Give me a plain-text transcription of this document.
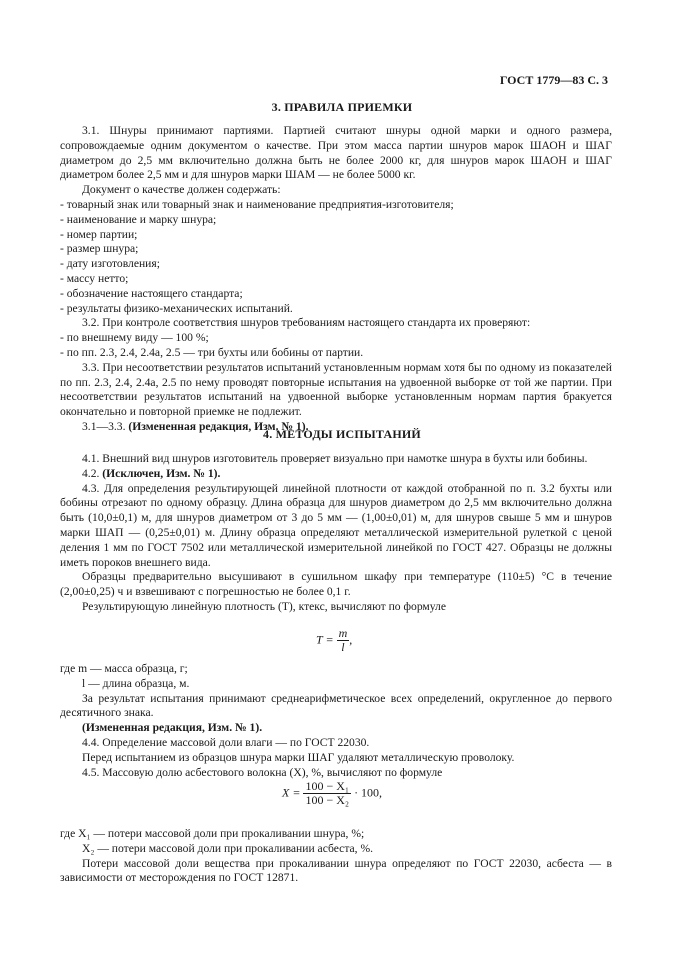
ГОСТ 1779—83 С. 3
3. ПРАВИЛА ПРИЕМКИ

3.1. Шнуры принимают партиями. Партией считают шнуры одной марки и одного размера, сопровождаемые одним документом о качестве. При этом масса партии шнуров марок ШАОН и ШАГ диаметром до 2,5 мм включительно должна быть не более 2000 кг, для шнуров марок ШАОН и ШАГ диаметром более 2,5 мм и для шнуров марки ШАМ — не более 5000 кг.

Документ о качестве должен содержать:

- товарный знак или товарный знак и наименование предприятия-изготовителя;

- наименование и марку шнура;

- номер партии;

- размер шнура;

- дату изготовления;

- массу нетто;

- обозначение настоящего стандарта;

- результаты физико-механических испытаний.

3.2. При контроле соответствия шнуров требованиям настоящего стандарта их проверяют:

- по внешнему виду — 100 %;

- по пп. 2.3, 2.4, 2.4а, 2.5 — три бухты или бобины от партии.

3.3. При несоответствии результатов испытаний установленным нормам хотя бы по одному из показателей по пп. 2.3, 2.4, 2.4а, 2.5 по нему проводят повторные испытания на удвоенной выборке от той же партии. При несоответствии результатов испытаний на удвоенной выборке установленным нормам партия бракуется окончательно и повторной приемке не подлежит.

3.1—3.3. (Измененная редакция, Изм. № 1).

4. МЕТОДЫ ИСПЫТАНИЙ

4.1. Внешний вид шнуров изготовитель проверяет визуально при намотке шнура в бухты или бобины.

4.2. (Исключен, Изм. № 1).

4.3. Для определения результирующей линейной плотности от каждой отобранной по п. 3.2 бухты или бобины отрезают по одному образцу. Длина образца для шнуров диаметром до 2,5 мм включительно должна быть (10,0±0,1) м, для шнуров диаметром от 3 до 5 мм — (1,00±0,01) м, для шнуров свыше 5 мм и шнуров марки ШАП — (0,25±0,01) м. Длину образца определяют металлической измерительной рулеткой с ценой деления 1 мм по ГОСТ 7502 или металлической измерительной линейкой по ГОСТ 427. Образцы не должны иметь пороков внешнего вида.

Образцы предварительно высушивают в сушильном шкафу при температуре (110±5) °С в течение (2,00±0,25) ч и взвешивают с погрешностью не более 0,1 г.

Результирующую линейную плотность (T), ктекс, вычисляют по формуле

$T = \frac{m}{l}$ ,

где m — масса образца, г;

l — длина образца, м.

За результат испытания принимают среднеарифметическое всех определений, округленное до первого десятичного знака.

(Измененная редакция, Изм. № 1).

4.4. Определение массовой доли влаги — по ГОСТ 22030.

Перед испытанием из образцов шнура марки ШАГ удаляют металлическую проволоку.

4.5. Массовую долю асбестового волокна (X), %, вычисляют по формуле

$X = \frac{\text{100 − X₁}}{\text{100 − X₂}} \cdot 100$,

где X₁ — потери массовой доли при прокаливании шнура, %;

X₂ — потери массовой доли при прокаливании асбеста, %.

Потери массовой доли вещества при прокаливании шнура определяют по ГОСТ 22030, асбеста — в зависимости от месторождения по ГОСТ 12871.
